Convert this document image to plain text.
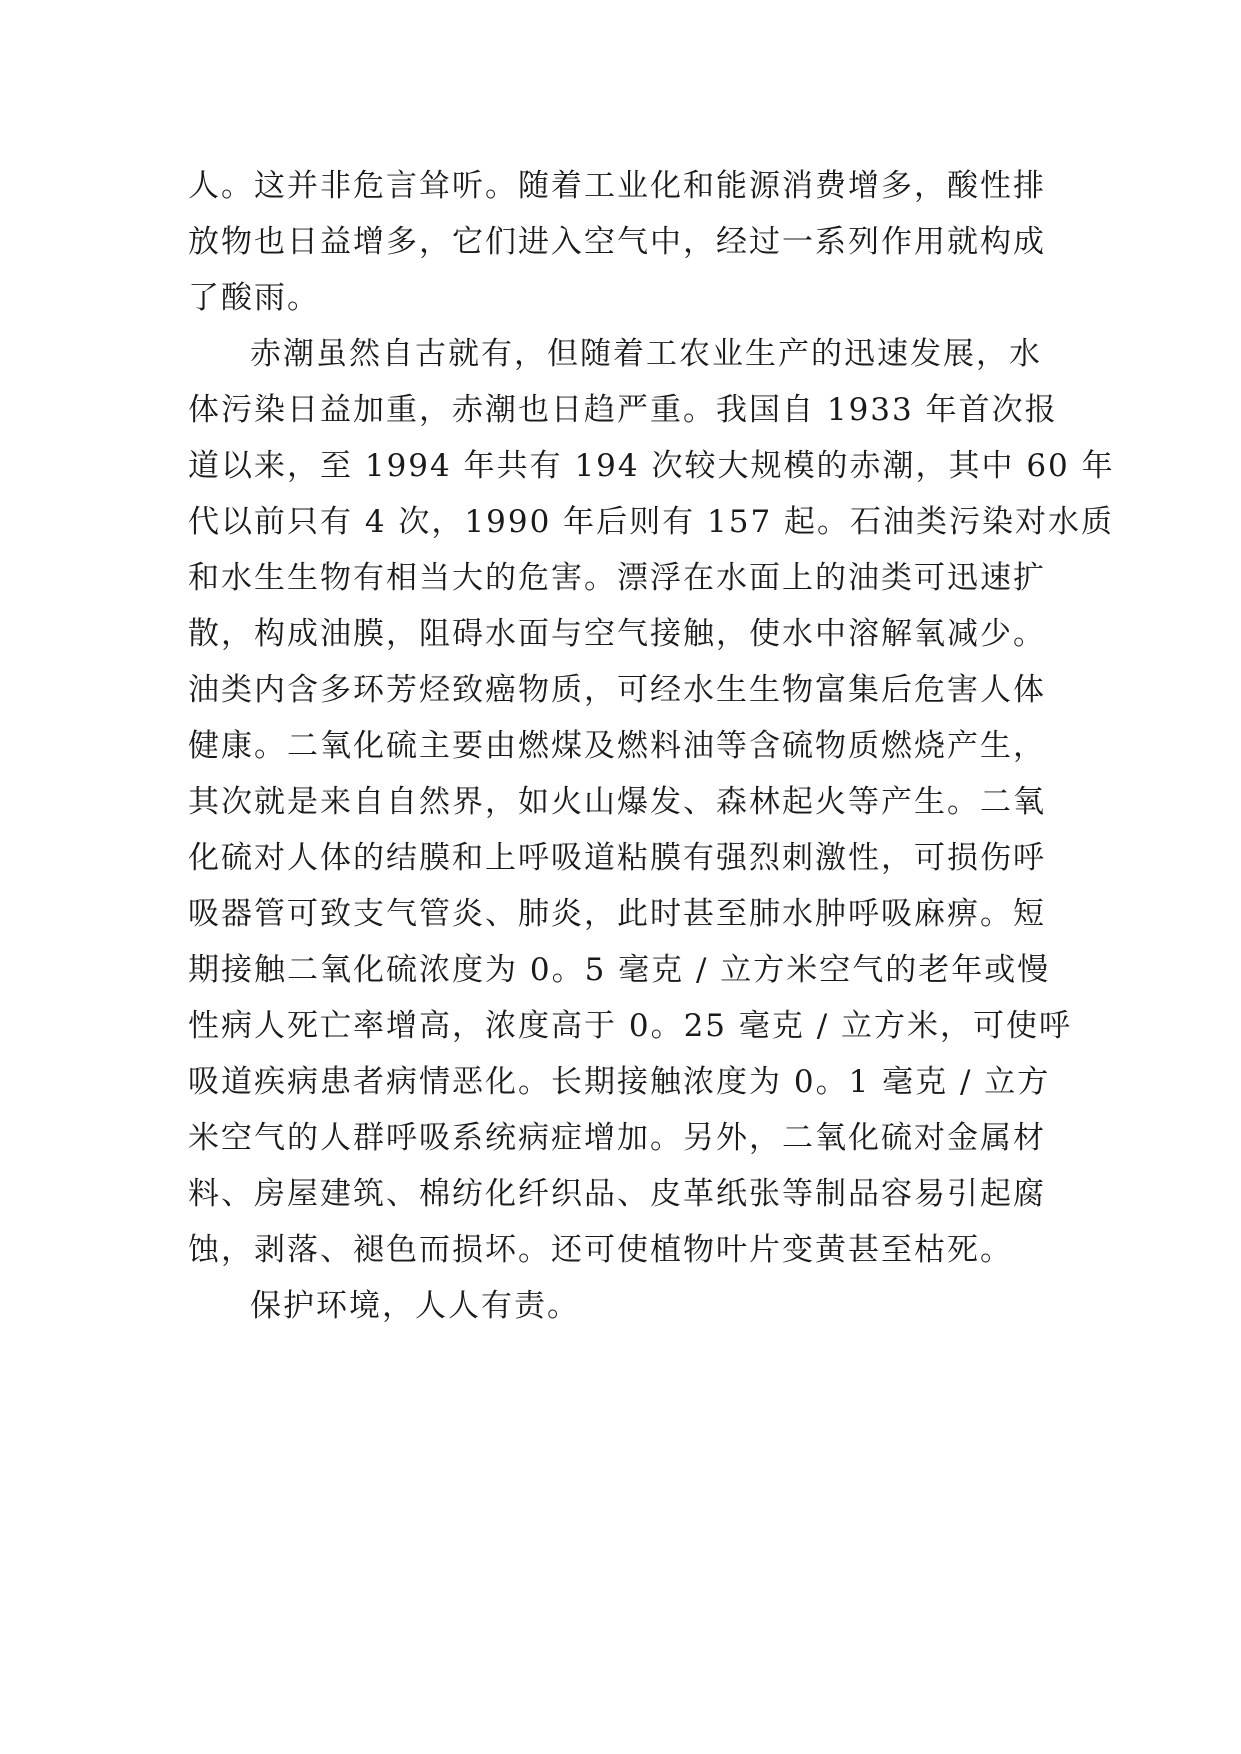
人。这并非危言耸听。随着工业化和能源消费增多，酸性排
放物也日益增多，它们进入空气中，经过一系列作用就构成
了酸雨。

赤潮虽然自古就有，但随着工农业生产的迅速发展，水
体污染日益加重，赤潮也日趋严重。我国自 1933 年首次报
道以来，至 1994 年共有 194 次较大规模的赤潮，其中 60 年
代以前只有 4 次，1990 年后则有 157 起。石油类污染对水质
和水生生物有相当大的危害。漂浮在水面上的油类可迅速扩
散，构成油膜，阻碍水面与空气接触，使水中溶解氧减少。
油类内含多环芳烃致癌物质，可经水生生物富集后危害人体
健康。二氧化硫主要由燃煤及燃料油等含硫物质燃烧产生，
其次就是来自自然界，如火山爆发、森林起火等产生。二氧
化硫对人体的结膜和上呼吸道粘膜有强烈刺激性，可损伤呼
吸器管可致支气管炎、肺炎，此时甚至肺水肿呼吸麻痹。短
期接触二氧化硫浓度为 0。5 毫克 / 立方米空气的老年或慢
性病人死亡率增高，浓度高于 0。25 毫克 / 立方米，可使呼
吸道疾病患者病情恶化。长期接触浓度为 0。1 毫克 / 立方
米空气的人群呼吸系统病症增加。另外，二氧化硫对金属材
料、房屋建筑、棉纺化纤织品、皮革纸张等制品容易引起腐
蚀，剥落、褪色而损坏。还可使植物叶片变黄甚至枯死。

保护环境，人人有责。
